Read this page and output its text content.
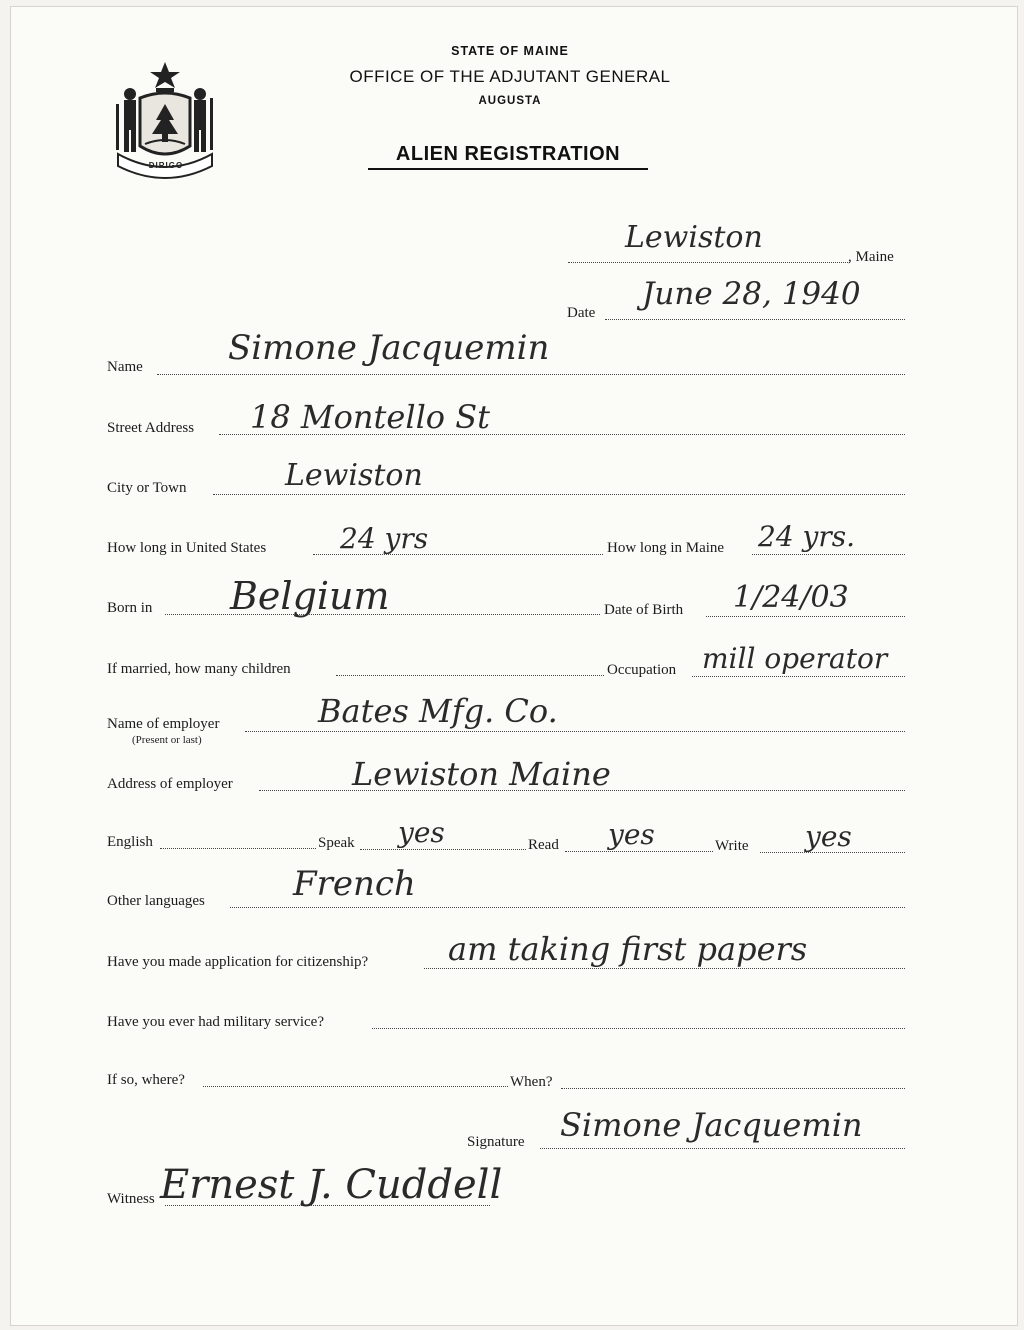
DIRIGO
STATE OF MAINE
OFFICE OF THE ADJUTANT GENERAL
AUGUSTA
ALIEN REGISTRATION
Lewiston
, Maine
Date
June 28, 1940
Name	Simone Jacquemin
Street Address 18 Montello St
City or Town	Lewiston
How long in United States	24 yrs	How long in Maine 24 yrs.
Born in Belgium	Date of Birth 1/24/03
If married, how many children	Occupation mill operator
Name of employer
(Present or last)
Bates Mfg. Co.
Address of employer	Lewiston Maine
English	Speak yes	Read yes	Write yes
Other languages	French
Have you made application for citizenship? am taking first papers
Have you ever had military service?
If so, where?	When?
Signature Simone Jacquemin
Witness Ernest J. Cuddell
